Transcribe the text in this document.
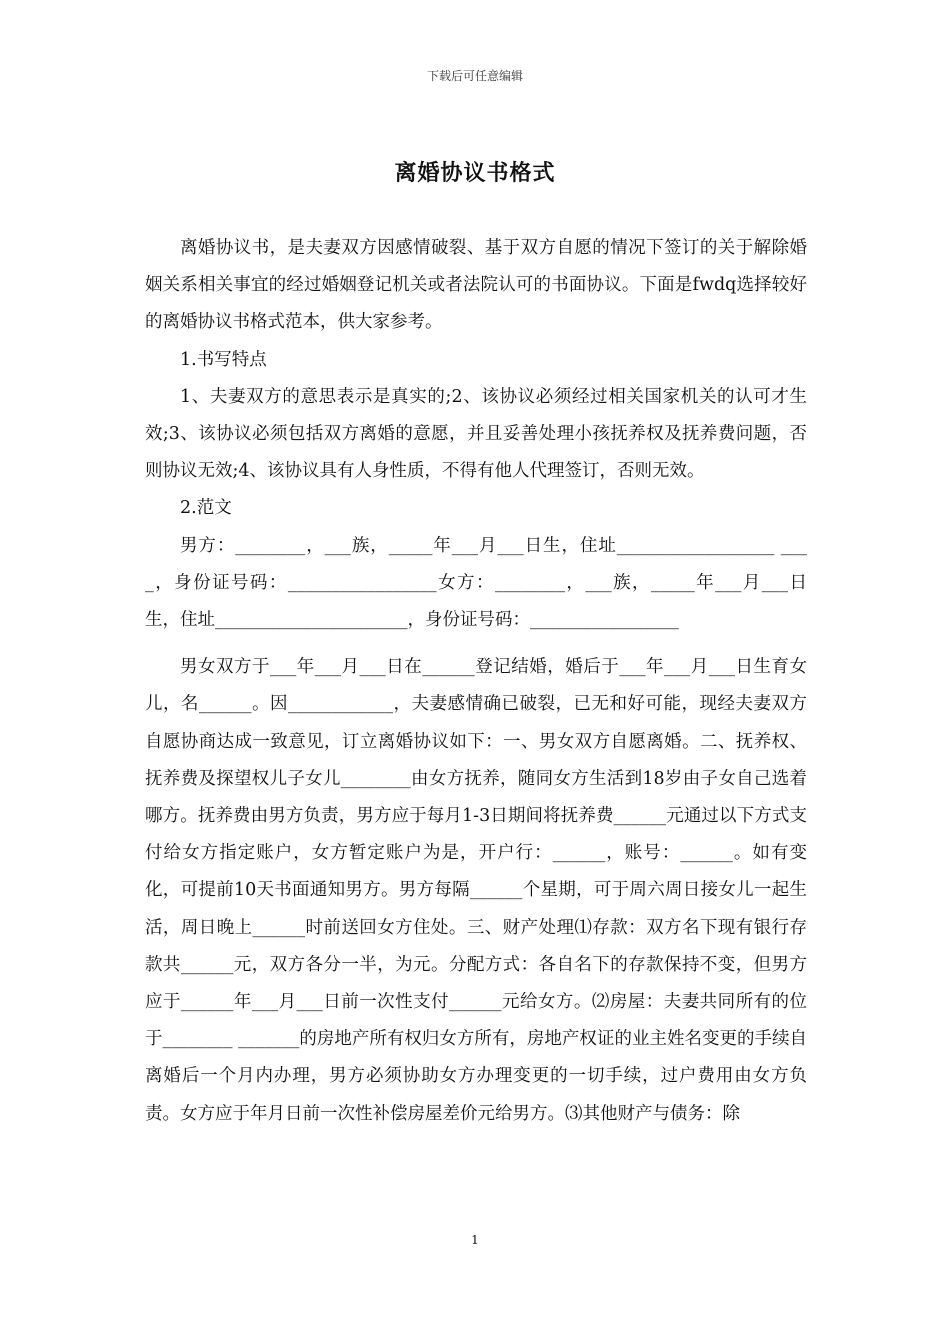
下载后可任意编辑
离婚协议书格式

离婚协议书，是夫妻双方因感情破裂、基于双方自愿的情况下签订的关于解除婚姻关系相关事宜的经过婚姻登记机关或者法院认可的书面协议。下面是fwdq选择较好的离婚协议书格式范本，供大家参考。

1.书写特点

1、夫妻双方的意思表示是真实的;2、该协议必须经过相关国家机关的认可才生效;3、该协议必须包括双方离婚的意愿，并且妥善处理小孩抚养权及抚养费问题，否则协议无效;4、该协议具有人身性质，不得有他人代理签订，否则无效。

2.范文

男方：________，___族，_____年___月___日生，住址__________________ ____，身份证号码：_________________女方：________，___族，_____年___月___日生，住址______________________，身份证号码：_________________

男女双方于___年___月___日在______登记结婚，婚后于___年___月___日生育女儿，名______。因____________，夫妻感情确已破裂，已无和好可能，现经夫妻双方自愿协商达成一致意见，订立离婚协议如下：一、男女双方自愿离婚。二、抚养权、抚养费及探望权儿子女儿________由女方抚养，随同女方生活到18岁由子女自己选着哪方。抚养费由男方负责，男方应于每月1-3日期间将抚养费______元通过以下方式支付给女方指定账户，女方暂定账户为是，开户行：______，账号：______。如有变化，可提前10天书面通知男方。男方每隔______个星期，可于周六周日接女儿一起生活，周日晚上______时前送回女方住处。三、财产处理⑴存款：双方名下现有银行存款共______元，双方各分一半，为元。分配方式：各自名下的存款保持不变，但男方应于______年___月___日前一次性支付______元给女方。⑵房屋：夫妻共同所有的位于________ _______的房地产所有权归女方所有，房地产权证的业主姓名变更的手续自离婚后一个月内办理，男方必须协助女方办理变更的一切手续，过户费用由女方负责。女方应于年月日前一次性补偿房屋差价元给男方。⑶其他财产与债务：除

1
